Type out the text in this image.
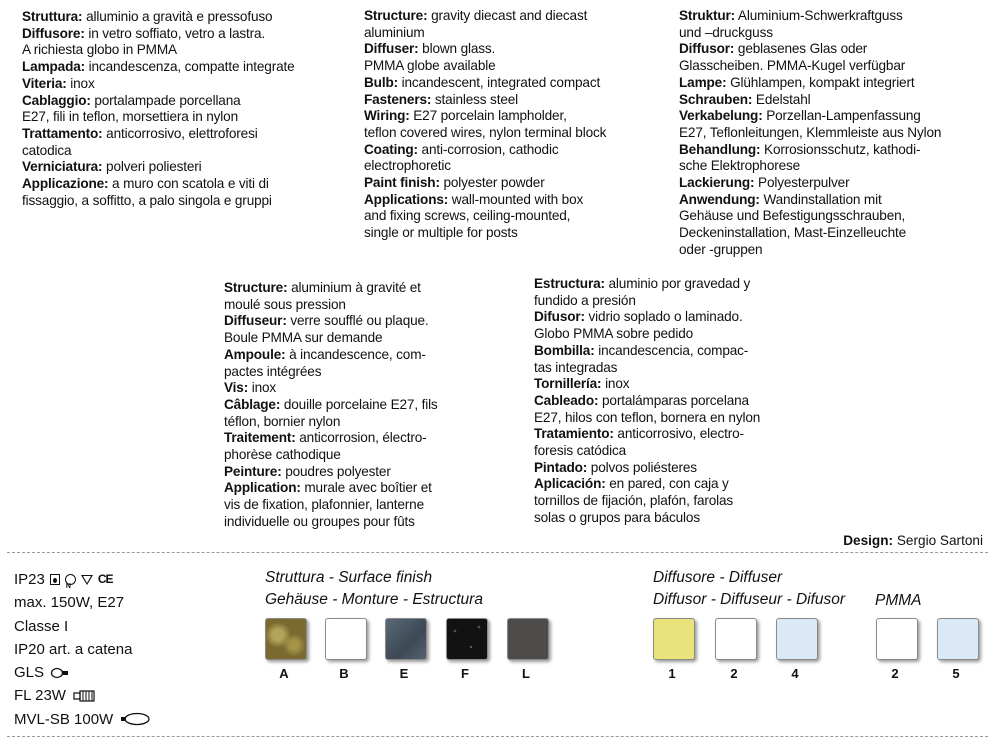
Struttura: alluminio a gravità e pressofuso
Diffusore: in vetro soffiato, vetro a lastra.
A richiesta globo in PMMA
Lampada: incandescenza, compatte integrate
Viteria: inox
Cablaggio: portalampade porcellana
E27, fili in teflon, morsettiera in nylon
Trattamento: anticorrosivo, elettroforesi
catodica
Verniciatura: polveri poliesteri
Applicazione: a muro con scatola e viti di
fissaggio, a soffitto, a palo singola e gruppi
Structure: gravity diecast and diecast
aluminium
Diffuser: blown glass.
PMMA globe available
Bulb: incandescent, integrated compact
Fasteners: stainless steel
Wiring: E27 porcelain lampholder,
teflon covered wires, nylon terminal block
Coating: anti-corrosion, cathodic
electrophoretic
Paint finish: polyester powder
Applications: wall-mounted with box
and fixing screws, ceiling-mounted,
single or multiple for posts
Struktur: Aluminium-Schwerkraftguss
und –druckguss
Diffusor: geblasenes Glas oder
Glasscheiben. PMMA-Kugel verfügbar
Lampe: Glühlampen, kompakt integriert
Schrauben: Edelstahl
Verkabelung: Porzellan-Lampenfassung
E27, Teflonleitungen, Klemmleiste aus Nylon
Behandlung: Korrosionsschutz, kathodi-
sche Elektrophorese
Lackierung: Polyesterpulver
Anwendung: Wandinstallation mit
Gehäuse und Befestigungsschrauben,
Deckeninstallation, Mast-Einzelleuchte
oder -gruppen
Structure: aluminium à gravité et
moulé sous pression
Diffuseur: verre soufflé ou plaque.
Boule PMMA sur demande
Ampoule: à incandescence, com-
pactes intégrées
Vis: inox
Câblage: douille porcelaine E27, fils
téflon, bornier nylon
Traitement: anticorrosion, électro-
phorèse cathodique
Peinture: poudres polyester
Application: murale avec boîtier et
vis de fixation, plafonnier, lanterne
individuelle ou groupes pour fûts
Estructura: aluminio por gravedad y
fundido a presión
Difusor: vidrio soplado o laminado.
Globo PMMA sobre pedido
Bombilla: incandescencia, compac-
tas integradas
Tornillería: inox
Cableado: portalámparas porcelana
E27, hilos con teflon, bornera en nylon
Tratamiento: anticorrosivo, electro-
foresis catódica
Pintado: polvos poliésteres
Aplicación: en pared, con caja y
tornillos de fijación, plafón, farolas
solas o grupos para báculos
Design: Sergio Sartoni
IP23	N
CE
max. 150W, E27
Classe I
IP20 art. a catena
GLS
FL 23W
MVL-SB 100W
Struttura - Surface finish
Gehäuse - Monture - Estructura
Diffusore - Diffuser
Diffusor - Diffuseur - Difusor PMMA
A	B	E	F	L	1	2	4	2	5
